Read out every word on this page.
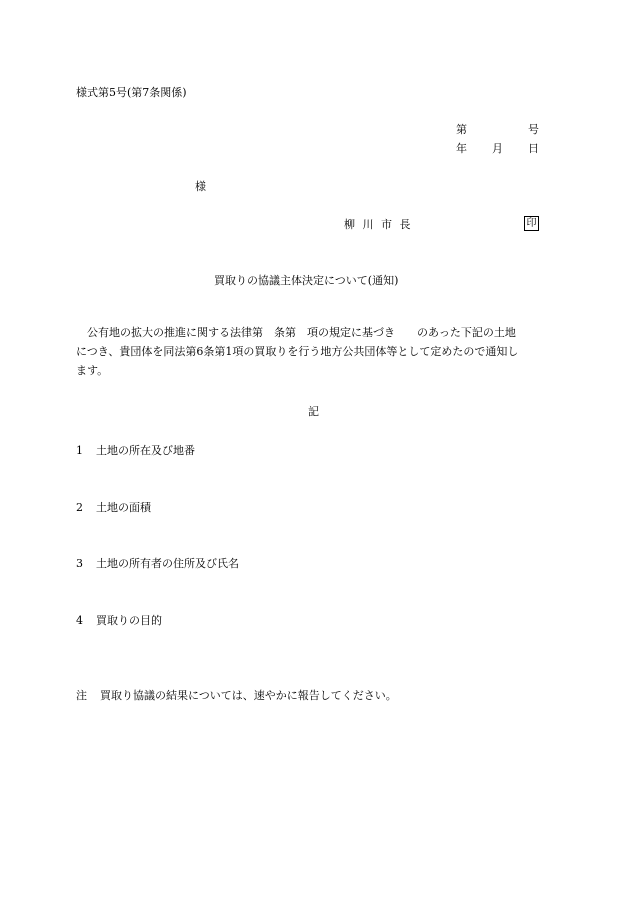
様式第5号(第7条関係)
第	号
年 月 日
様
柳 川 市 長	印
買取りの協議主体決定について(通知)
　公有地の拡大の推進に関する法律第　条第　項の規定に基づき　　のあった下記の土地
につき、貴団体を同法第6条第1項の買取りを行う地方公共団体等として定めたので通知し
ます。
記
1 土地の所在及び地番
2 土地の面積
3 土地の所有者の住所及び氏名
4 買取りの目的
注 買取り協議の結果については、速やかに報告してください。
